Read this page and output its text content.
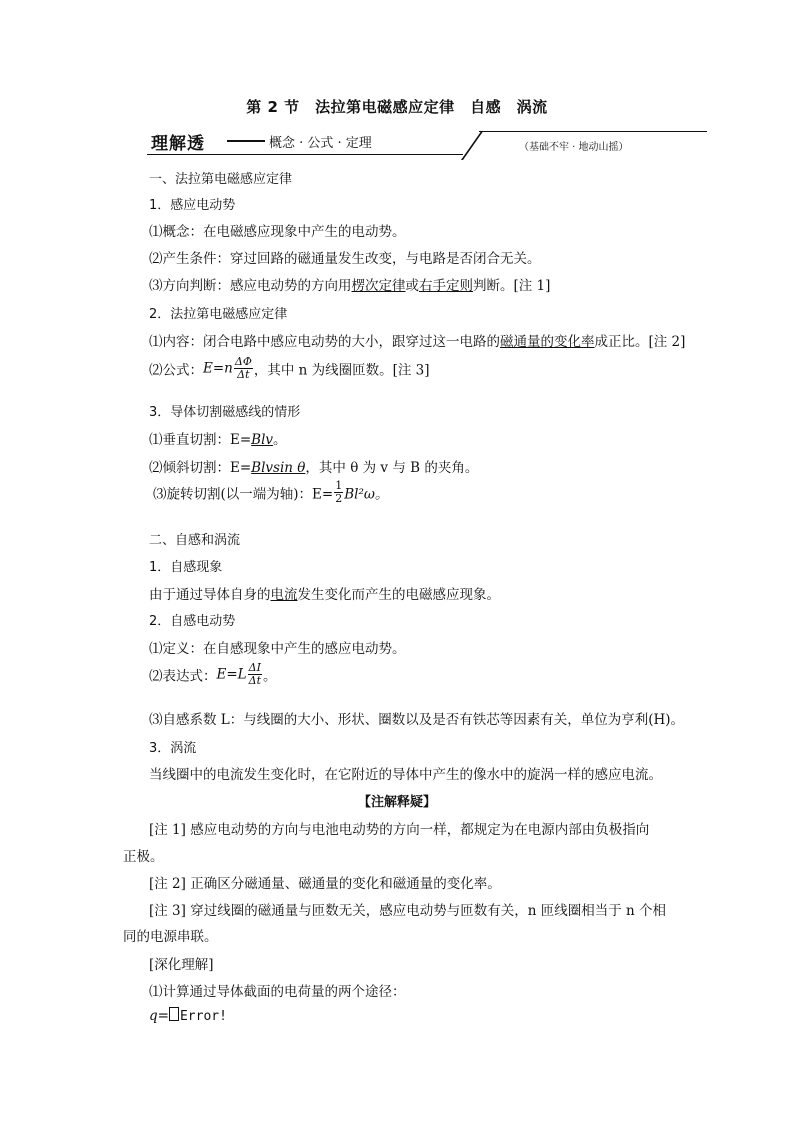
第 2 节　法拉第电磁感应定律　自感　涡流
理解透	概念 · 公式 · 定理	（基础不牢 · 地动山摇）
一、法拉第电磁感应定律
1．感应电动势
⑴概念：在电磁感应现象中产生的电动势。
⑵产生条件：穿过回路的磁通量发生改变，与电路是否闭合无关。
⑶方向判断：感应电动势的方向用楞次定律或右手定则判断。[注 1]
2．法拉第电磁感应定律
⑴内容：闭合电路中感应电动势的大小，跟穿过这一电路的磁通量的变化率成正比。[注 2]
⑵公式：$E=n \frac{\Delta\Phi}{\Delta t}$ ，其中 n 为线圈匝数。[注 3]
3．导体切割磁感线的情形
⑴垂直切割：E=Blv。
⑵倾斜切割：E=Blvsin θ，其中 θ 为 v 与 B 的夹角。
⑶旋转切割(以一端为轴)：$E= \frac{1}{2} Bl^2\omega$。
二、自感和涡流
1．自感现象
由于通过导体自身的电流发生变化而产生的电磁感应现象。
2．自感电动势
⑴定义：在自感现象中产生的感应电动势。
⑵表达式：$E=L \frac{\Delta I}{\Delta t}$ 。
⑶自感系数 L：与线圈的大小、形状、圈数以及是否有铁芯等因素有关，单位为亨利(H)。
3．涡流
当线圈中的电流发生变化时，在它附近的导体中产生的像水中的旋涡一样的感应电流。
【注解释疑】
[注 1] 感应电动势的方向与电池电动势的方向一样，都规定为在电源内部由负极指向
正极。
[注 2] 正确区分磁通量、磁通量的变化和磁通量的变化率。
[注 3] 穿过线圈的磁通量与匝数无关，感应电动势与匝数有关，n 匝线圈相当于 n 个相
同的电源串联。
[深化理解]
⑴计算通过导体截面的电荷量的两个途径：
q= Error!
